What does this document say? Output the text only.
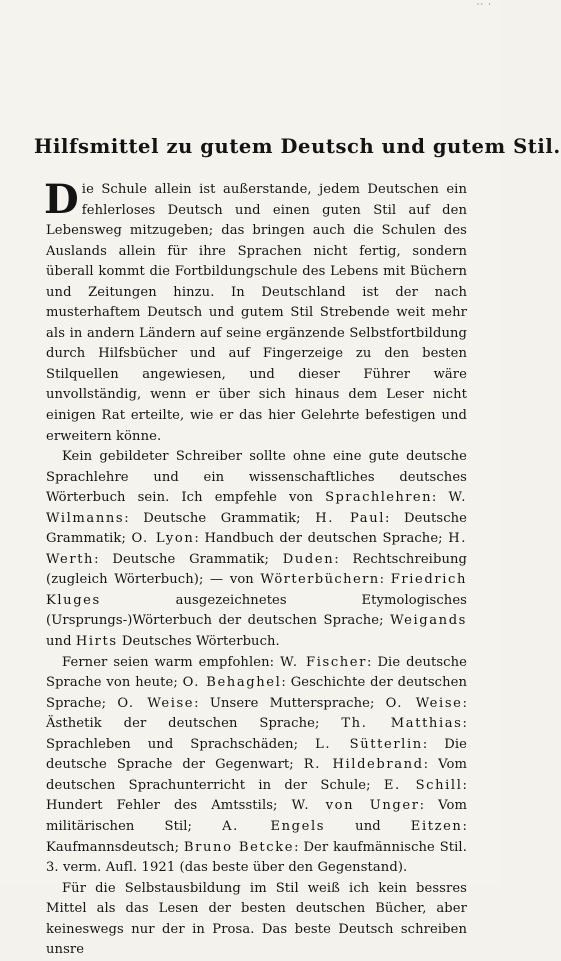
·· ·
Hilfsmittel zu gutem Deutsch und gutem Stil.

Die Schule allein ist außerstande, jedem Deutschen ein fehlerloses Deutsch und einen guten Stil auf den Lebensweg mitzugeben; das bringen auch die Schulen des Auslands allein für ihre Sprachen nicht fertig, sondern überall kommt die Fortbildungschule des Lebens mit Büchern und Zeitungen hinzu. In Deutschland ist der nach musterhaftem Deutsch und gutem Stil Strebende weit mehr als in andern Ländern auf seine ergänzende Selbstfortbildung durch Hilfsbücher und auf Fingerzeige zu den besten Stilquellen angewiesen, und dieser Führer wäre unvollständig, wenn er über sich hinaus dem Leser nicht einigen Rat erteilte, wie er das hier Gelehrte befestigen und erweitern könne.

Kein gebildeter Schreiber sollte ohne eine gute deutsche Sprachlehre und ein wissenschaftliches deutsches Wörterbuch sein. Ich empfehle von Sprachlehren: W. Wilmanns: Deutsche Grammatik; H. Paul: Deutsche Grammatik; O. Lyon: Handbuch der deutschen Sprache; H. Werth: Deutsche Grammatik; Duden: Rechtschreibung (zugleich Wörterbuch); — von Wörterbüchern: Friedrich Kluges ausgezeichnetes Etymologisches (Ursprungs-)Wörterbuch der deutschen Sprache; Weigands und Hirts Deutsches Wörterbuch.

Ferner seien warm empfohlen: W. Fischer: Die deutsche Sprache von heute; O. Behaghel: Geschichte der deutschen Sprache; O. Weise: Unsere Muttersprache; O. Weise: Ästhetik der deutschen Sprache; Th. Matthias: Sprachleben und Sprachschäden; L. Sütterlin: Die deutsche Sprache der Gegenwart; R. Hildebrand: Vom deutschen Sprachunterricht in der Schule; E. Schill: Hundert Fehler des Amtsstils; W. von Unger: Vom militärischen Stil; A. Engels und Eitzen: Kaufmannsdeutsch; Bruno Betcke: Der kaufmännische Stil. 3. verm. Aufl. 1921 (das beste über den Gegenstand).

Für die Selbstausbildung im Stil weiß ich kein bessres Mittel als das Lesen der besten deutschen Bücher, aber keineswegs nur der in Prosa. Das beste Deutsch schreiben unsre
